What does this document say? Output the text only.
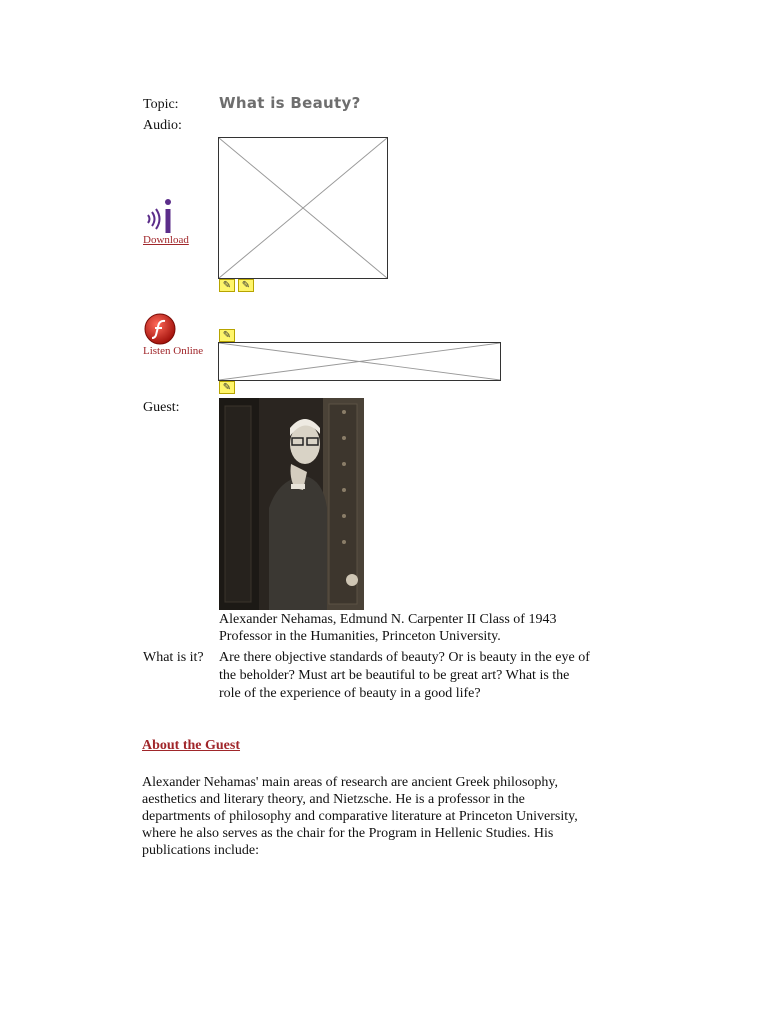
Topic:	What is Beauty?
Audio:
Download
✎	✎
Listen Online
✎
✎
Guest:
Alexander Nehamas, Edmund N. Carpenter II Class of 1943
Professor in the Humanities, Princeton University.
What is it? Are there objective standards of beauty? Or is beauty in the eye of
the beholder? Must art be beautiful to be great art? What is the
role of the experience of beauty in a good life?
About the Guest
Alexander Nehamas' main areas of research are ancient Greek philosophy,
aesthetics and literary theory, and Nietzsche. He is a professor in the
departments of philosophy and comparative literature at Princeton University,
where he also serves as the chair for the Program in Hellenic Studies. His
publications include:
